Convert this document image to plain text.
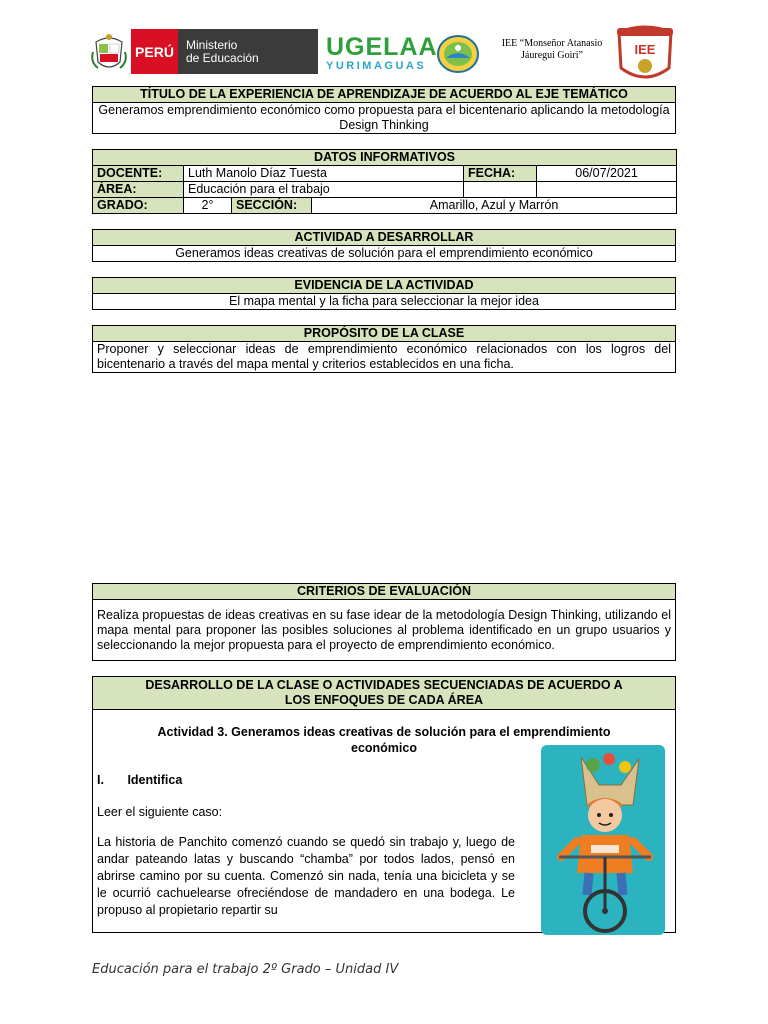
PERÚ	Ministerio
de Educación	UGELAA
YURIMAGUAS
IEE “Monseñor Atanasio
Jáuregui Goiri”	IEE
TÍTULO DE LA EXPERIENCIA DE APRENDIZAJE DE ACUERDO AL EJE TEMÁTICO
Generamos emprendimiento económico como propuesta para el bicentenario aplicando la metodología Design Thinking
DATOS INFORMATIVOS					
DOCENTE:	Luth Manolo Díaz Tuesta			FECHA:	06/07/2021
ÁREA:	Educación para el trabajo				
GRADO:	2°	SECCIÓN:	Amarillo, Azul y Marrón		
ACTIVIDAD A DESARROLLAR
Generamos ideas creativas de solución para el emprendimiento económico
EVIDENCIA DE LA ACTIVIDAD
El mapa mental y la ficha para seleccionar la mejor idea
PROPÓSITO DE LA CLASE
Proponer y seleccionar ideas de emprendimiento económico relacionados con los logros del bicentenario a través del mapa mental y criterios establecidos en una ficha.
CRITERIOS DE EVALUACIÓN
Realiza propuestas de ideas creativas en su fase idear de la metodología Design Thinking, utilizando el mapa mental para proponer las posibles soluciones al problema identificado en un grupo usuarios y seleccionando la mejor propuesta para el proyecto de emprendimiento económico.
DESARROLLO DE LA CLASE O ACTIVIDADES SECUENCIADAS DE ACUERDO A
LOS ENFOQUES DE CADA ÁREA

Actividad 3. Generamos ideas creativas de solución para el emprendimiento económico
I. Identifica
Leer el siguiente caso:
La historia de Panchito comenzó cuando se quedó sin trabajo y, luego de andar pateando latas y buscando “chamba” por todos lados, pensó en abrirse camino por su cuenta. Comenzó sin nada, tenía una bicicleta y se le ocurrió cachuelearse ofreciéndose de mandadero en una bodega. Le propuso al propietario repartir su
Educación para el trabajo 2º Grado – Unidad IV
